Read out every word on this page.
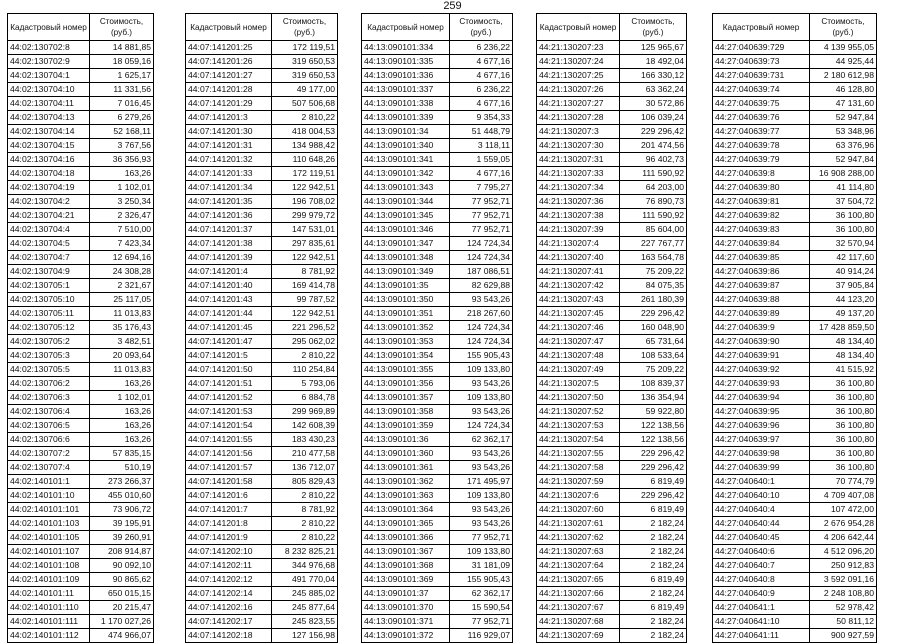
259
Кадастровый номер	Стоимость, (руб.)
44:02:130702:8	14 881,85
44:02:130702:9	18 059,16
44:02:130704:1	1 625,17
44:02:130704:10	11 331,56
44:02:130704:11	7 016,45
44:02:130704:13	6 279,26
44:02:130704:14	52 168,11
44:02:130704:15	3 767,56
44:02:130704:16	36 356,93
44:02:130704:18	163,26
44:02:130704:19	1 102,01
44:02:130704:2	3 250,34
44:02:130704:21	2 326,47
44:02:130704:4	7 510,00
44:02:130704:5	7 423,34
44:02:130704:7	12 694,16
44:02:130704:9	24 308,28
44:02:130705:1	2 321,67
44:02:130705:10	25 117,05
44:02:130705:11	11 013,83
44:02:130705:12	35 176,43
44:02:130705:2	3 482,51
44:02:130705:3	20 093,64
44:02:130705:5	11 013,83
44:02:130706:2	163,26
44:02:130706:3	1 102,01
44:02:130706:4	163,26
44:02:130706:5	163,26
44:02:130706:6	163,26
44:02:130707:2	57 835,15
44:02:130707:4	510,19
44:02:140101:1	273 266,37
44:02:140101:10	455 010,60
44:02:140101:101	73 906,72
44:02:140101:103	39 195,91
44:02:140101:105	39 260,91
44:02:140101:107	208 914,87
44:02:140101:108	90 092,10
44:02:140101:109	90 865,62
44:02:140101:11	650 015,15
44:02:140101:110	20 215,47
44:02:140101:111	1 170 027,26
44:02:140101:112	474 966,07
Кадастровый номер	Стоимость, (руб.)
44:07:141201:25	172 119,51
44:07:141201:26	319 650,53
44:07:141201:27	319 650,53
44:07:141201:28	49 177,00
44:07:141201:29	507 506,68
44:07:141201:3	2 810,22
44:07:141201:30	418 004,53
44:07:141201:31	134 988,42
44:07:141201:32	110 648,26
44:07:141201:33	172 119,51
44:07:141201:34	122 942,51
44:07:141201:35	196 708,02
44:07:141201:36	299 979,72
44:07:141201:37	147 531,01
44:07:141201:38	297 835,61
44:07:141201:39	122 942,51
44:07:141201:4	8 781,92
44:07:141201:40	169 414,78
44:07:141201:43	99 787,52
44:07:141201:44	122 942,51
44:07:141201:45	221 296,52
44:07:141201:47	295 062,02
44:07:141201:5	2 810,22
44:07:141201:50	110 254,84
44:07:141201:51	5 793,06
44:07:141201:52	6 884,78
44:07:141201:53	299 969,89
44:07:141201:54	142 608,39
44:07:141201:55	183 430,23
44:07:141201:56	210 477,58
44:07:141201:57	136 712,07
44:07:141201:58	805 829,43
44:07:141201:6	2 810,22
44:07:141201:7	8 781,92
44:07:141201:8	2 810,22
44:07:141201:9	2 810,22
44:07:141202:10	8 232 825,21
44:07:141202:11	344 976,68
44:07:141202:12	491 770,04
44:07:141202:14	245 885,02
44:07:141202:16	245 877,64
44:07:141202:17	245 823,55
44:07:141202:18	127 156,98
Кадастровый номер	Стоимость, (руб.)
44:13:090101:334	6 236,22
44:13:090101:335	4 677,16
44:13:090101:336	4 677,16
44:13:090101:337	6 236,22
44:13:090101:338	4 677,16
44:13:090101:339	9 354,33
44:13:090101:34	51 448,79
44:13:090101:340	3 118,11
44:13:090101:341	1 559,05
44:13:090101:342	4 677,16
44:13:090101:343	7 795,27
44:13:090101:344	77 952,71
44:13:090101:345	77 952,71
44:13:090101:346	77 952,71
44:13:090101:347	124 724,34
44:13:090101:348	124 724,34
44:13:090101:349	187 086,51
44:13:090101:35	82 629,88
44:13:090101:350	93 543,26
44:13:090101:351	218 267,60
44:13:090101:352	124 724,34
44:13:090101:353	124 724,34
44:13:090101:354	155 905,43
44:13:090101:355	109 133,80
44:13:090101:356	93 543,26
44:13:090101:357	109 133,80
44:13:090101:358	93 543,26
44:13:090101:359	124 724,34
44:13:090101:36	62 362,17
44:13:090101:360	93 543,26
44:13:090101:361	93 543,26
44:13:090101:362	171 495,97
44:13:090101:363	109 133,80
44:13:090101:364	93 543,26
44:13:090101:365	93 543,26
44:13:090101:366	77 952,71
44:13:090101:367	109 133,80
44:13:090101:368	31 181,09
44:13:090101:369	155 905,43
44:13:090101:37	62 362,17
44:13:090101:370	15 590,54
44:13:090101:371	77 952,71
44:13:090101:372	116 929,07
Кадастровый номер	Стоимость, (руб.)
44:21:130207:23	125 965,67
44:21:130207:24	18 492,04
44:21:130207:25	166 330,12
44:21:130207:26	63 362,24
44:21:130207:27	30 572,86
44:21:130207:28	106 039,24
44:21:130207:3	229 296,42
44:21:130207:30	201 474,56
44:21:130207:31	96 402,73
44:21:130207:33	111 590,92
44:21:130207:34	64 203,00
44:21:130207:36	76 890,73
44:21:130207:38	111 590,92
44:21:130207:39	85 604,00
44:21:130207:4	227 767,77
44:21:130207:40	163 564,78
44:21:130207:41	75 209,22
44:21:130207:42	84 075,35
44:21:130207:43	261 180,39
44:21:130207:45	229 296,42
44:21:130207:46	160 048,90
44:21:130207:47	65 731,64
44:21:130207:48	108 533,64
44:21:130207:49	75 209,22
44:21:130207:5	108 839,37
44:21:130207:50	136 354,94
44:21:130207:52	59 922,80
44:21:130207:53	122 138,56
44:21:130207:54	122 138,56
44:21:130207:55	229 296,42
44:21:130207:58	229 296,42
44:21:130207:59	6 819,49
44:21:130207:6	229 296,42
44:21:130207:60	6 819,49
44:21:130207:61	2 182,24
44:21:130207:62	2 182,24
44:21:130207:63	2 182,24
44:21:130207:64	2 182,24
44:21:130207:65	6 819,49
44:21:130207:66	2 182,24
44:21:130207:67	6 819,49
44:21:130207:68	2 182,24
44:21:130207:69	2 182,24
Кадастровый номер	Стоимость, (руб.)
44:27:040639:729	4 139 955,05
44:27:040639:73	44 925,44
44:27:040639:731	2 180 612,98
44:27:040639:74	46 128,80
44:27:040639:75	47 131,60
44:27:040639:76	52 947,84
44:27:040639:77	53 348,96
44:27:040639:78	63 376,96
44:27:040639:79	52 947,84
44:27:040639:8	16 908 288,00
44:27:040639:80	41 114,80
44:27:040639:81	37 504,72
44:27:040639:82	36 100,80
44:27:040639:83	36 100,80
44:27:040639:84	32 570,94
44:27:040639:85	42 117,60
44:27:040639:86	40 914,24
44:27:040639:87	37 905,84
44:27:040639:88	44 123,20
44:27:040639:89	49 137,20
44:27:040639:9	17 428 859,50
44:27:040639:90	48 134,40
44:27:040639:91	48 134,40
44:27:040639:92	41 515,92
44:27:040639:93	36 100,80
44:27:040639:94	36 100,80
44:27:040639:95	36 100,80
44:27:040639:96	36 100,80
44:27:040639:97	36 100,80
44:27:040639:98	36 100,80
44:27:040639:99	36 100,80
44:27:040640:1	70 774,79
44:27:040640:10	4 709 407,08
44:27:040640:4	107 472,00
44:27:040640:44	2 676 954,28
44:27:040640:45	4 206 642,44
44:27:040640:6	4 512 096,20
44:27:040640:7	250 912,83
44:27:040640:8	3 592 091,16
44:27:040640:9	2 248 108,80
44:27:040641:1	52 978,42
44:27:040641:10	50 811,12
44:27:040641:11	900 927,59
